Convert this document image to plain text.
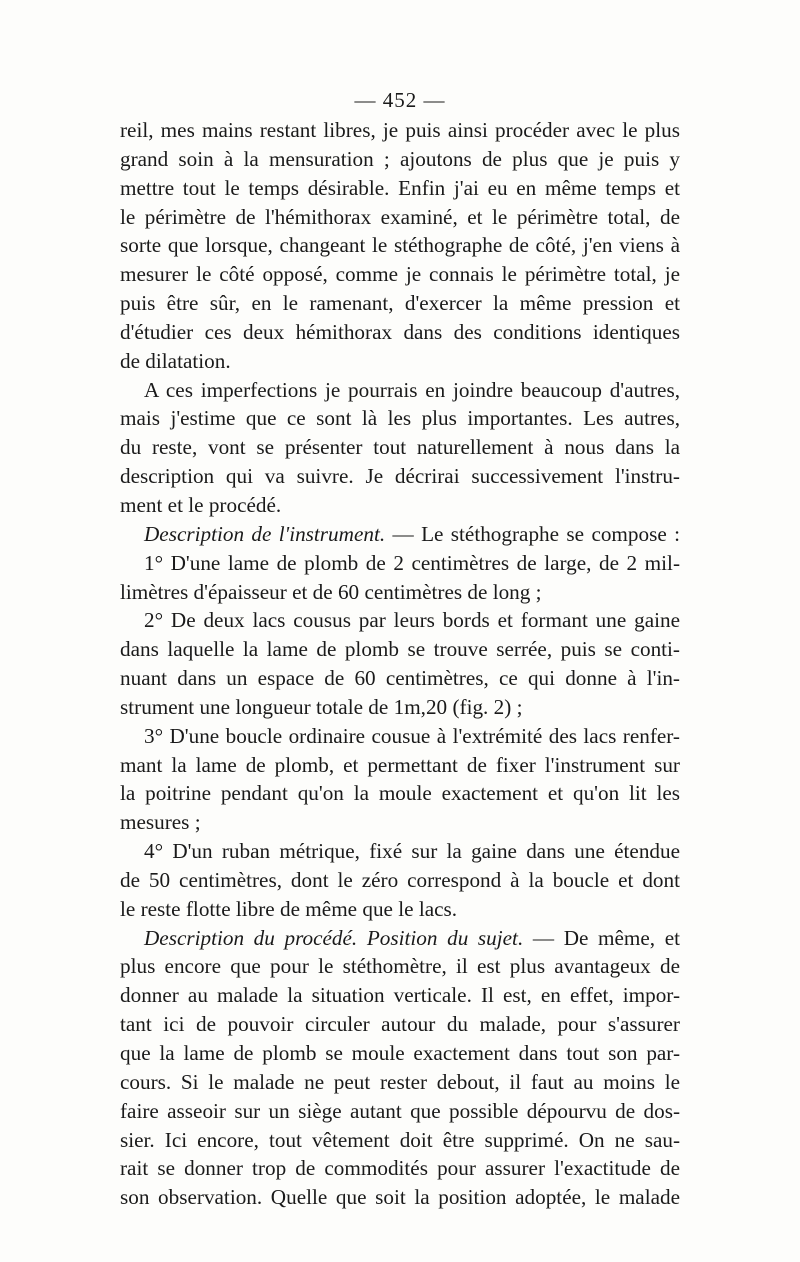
— 452 —
reil, mes mains restant libres, je puis ainsi procéder avec le plus
grand soin à la mensuration ; ajoutons de plus que je puis y
mettre tout le temps désirable. Enfin j'ai eu en même temps et
le périmètre de l'hémithorax examiné, et le périmètre total, de
sorte que lorsque, changeant le stéthographe de côté, j'en viens à
mesurer le côté opposé, comme je connais le périmètre total, je
puis être sûr, en le ramenant, d'exercer la même pression et
d'étudier ces deux hémithorax dans des conditions identiques
de dilatation.
A ces imperfections je pourrais en joindre beaucoup d'autres,
mais j'estime que ce sont là les plus importantes. Les autres,
du reste, vont se présenter tout naturellement à nous dans la
description qui va suivre. Je décrirai successivement l'instru-
ment et le procédé.
Description de l'instrument. — Le stéthographe se compose :
1° D'une lame de plomb de 2 centimètres de large, de 2 mil-
limètres d'épaisseur et de 60 centimètres de long ;
2° De deux lacs cousus par leurs bords et formant une gaine
dans laquelle la lame de plomb se trouve serrée, puis se conti-
nuant dans un espace de 60 centimètres, ce qui donne à l'in-
strument une longueur totale de 1m,20 (fig. 2) ;
3° D'une boucle ordinaire cousue à l'extrémité des lacs renfer-
mant la lame de plomb, et permettant de fixer l'instrument sur
la poitrine pendant qu'on la moule exactement et qu'on lit les
mesures ;
4° D'un ruban métrique, fixé sur la gaine dans une étendue
de 50 centimètres, dont le zéro correspond à la boucle et dont
le reste flotte libre de même que le lacs.
Description du procédé. Position du sujet. — De même, et
plus encore que pour le stéthomètre, il est plus avantageux de
donner au malade la situation verticale. Il est, en effet, impor-
tant ici de pouvoir circuler autour du malade, pour s'assurer
que la lame de plomb se moule exactement dans tout son par-
cours. Si le malade ne peut rester debout, il faut au moins le
faire asseoir sur un siège autant que possible dépourvu de dos-
sier. Ici encore, tout vêtement doit être supprimé. On ne sau-
rait se donner trop de commodités pour assurer l'exactitude de
son observation. Quelle que soit la position adoptée, le malade
